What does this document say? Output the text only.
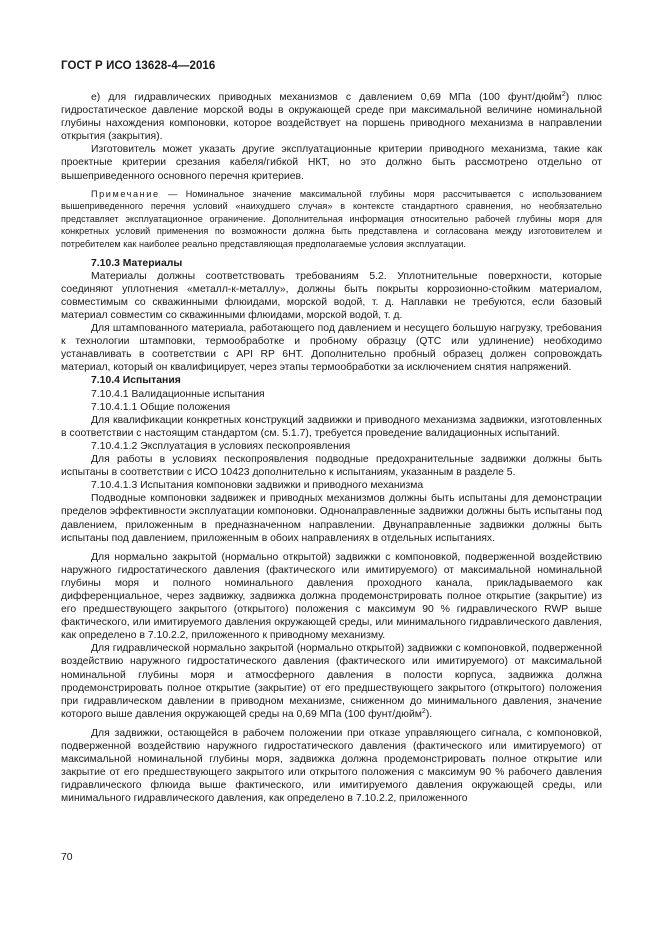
ГОСТ Р ИСО 13628-4—2016

е) для гидравлических приводных механизмов с давлением 0,69 МПа (100 фунт/дюйм$^2$) плюс гидростатическое давление морской воды в окружающей среде при максимальной величине номинальной глубины нахождения компоновки, которое воздействует на поршень приводного механизма в направлении открытия (закрытия).

Изготовитель может указать другие эксплуатационные критерии приводного механизма, такие как проектные критерии срезания кабеля/гибкой НКТ, но это должно быть рассмотрено отдельно от вышеприведенного основного перечня критериев.

Примечание — Номинальное значение максимальной глубины моря рассчитывается с использованием вышеприведенного перечня условий «наихудшего случая» в контексте стандартного сравнения, но необязательно представляет эксплуатационное ограничение. Дополнительная информация относительно рабочей глубины моря для конкретных условий применения по возможности должна быть представлена и согласована между изготовителем и потребителем как наиболее реально представляющая предполагаемые условия эксплуатации.

7.10.3 Материалы

Материалы должны соответствовать требованиям 5.2. Уплотнительные поверхности, которые соединяют уплотнения «металл-к-металлу», должны быть покрыты коррозионно-стойким материалом, совместимым со скважинными флюидами, морской водой, т. д. Наплавки не требуются, если базовый материал совместим со скважинными флюидами, морской водой, т. д.

Для штампованного материала, работающего под давлением и несущего большую нагрузку, требования к технологии штамповки, термообработке и пробному образцу (QTC или удлинение) необходимо устанавливать в соответствии с API RP 6HT. Дополнительно пробный образец должен сопровождать материал, который он квалифицирует, через этапы термообработки за исключением снятия напряжений.

7.10.4 Испытания

7.10.4.1 Валидационные испытания

7.10.4.1.1 Общие положения

Для квалификации конкретных конструкций задвижки и приводного механизма задвижки, изготовленных в соответствии с настоящим стандартом (см. 5.1.7), требуется проведение валидационных испытаний.

7.10.4.1.2 Эксплуатация в условиях пескопроявления

Для работы в условиях пескопроявления подводные предохранительные задвижки должны быть испытаны в соответствии с ИСО 10423 дополнительно к испытаниям, указанным в разделе 5.

7.10.4.1.3 Испытания компоновки задвижки и приводного механизма

Подводные компоновки задвижек и приводных механизмов должны быть испытаны для демонстрации пределов эффективности эксплуатации компоновки. Однонаправленные задвижки должны быть испытаны под давлением, приложенным в предназначенном направлении. Двунаправленные задвижки должны быть испытаны под давлением, приложенным в обоих направлениях в отдельных испытаниях.

Для нормально закрытой (нормально открытой) задвижки с компоновкой, подверженной воздействию наружного гидростатического давления (фактического или имитируемого) от максимальной номинальной глубины моря и полного номинального давления проходного канала, прикладываемого как дифференциальное, через задвижку, задвижка должна продемонстрировать полное открытие (закрытие) из его предшествующего закрытого (открытого) положения с максимум 90 % гидравлического RWP выше фактического, или имитируемого давления окружающей среды, или минимального гидравлического давления, как определено в 7.10.2.2, приложенного к приводному механизму.

Для гидравлической нормально закрытой (нормально открытой) задвижки с компоновкой, подверженной воздействию наружного гидростатического давления (фактического или имитируемого) от максимальной номинальной глубины моря и атмосферного давления в полости корпуса, задвижка должна продемонстрировать полное открытие (закрытие) от его предшествующего закрытого (открытого) положения при гидравлическом давлении в приводном механизме, сниженном до минимального давления, значение которого выше давления окружающей среды на 0,69 МПа (100 фунт/дюйм$^2$).

Для задвижки, остающейся в рабочем положении при отказе управляющего сигнала, с компоновкой, подверженной воздействию наружного гидростатического давления (фактического или имитируемого) от максимальной номинальной глубины моря, задвижка должна продемонстрировать полное открытие или закрытие от его предшествующего закрытого или открытого положения с максимум 90 % рабочего давления гидравлического флюида выше фактического, или имитируемого давления окружающей среды, или минимального гидравлического давления, как определено в 7.10.2.2, приложенного

70
